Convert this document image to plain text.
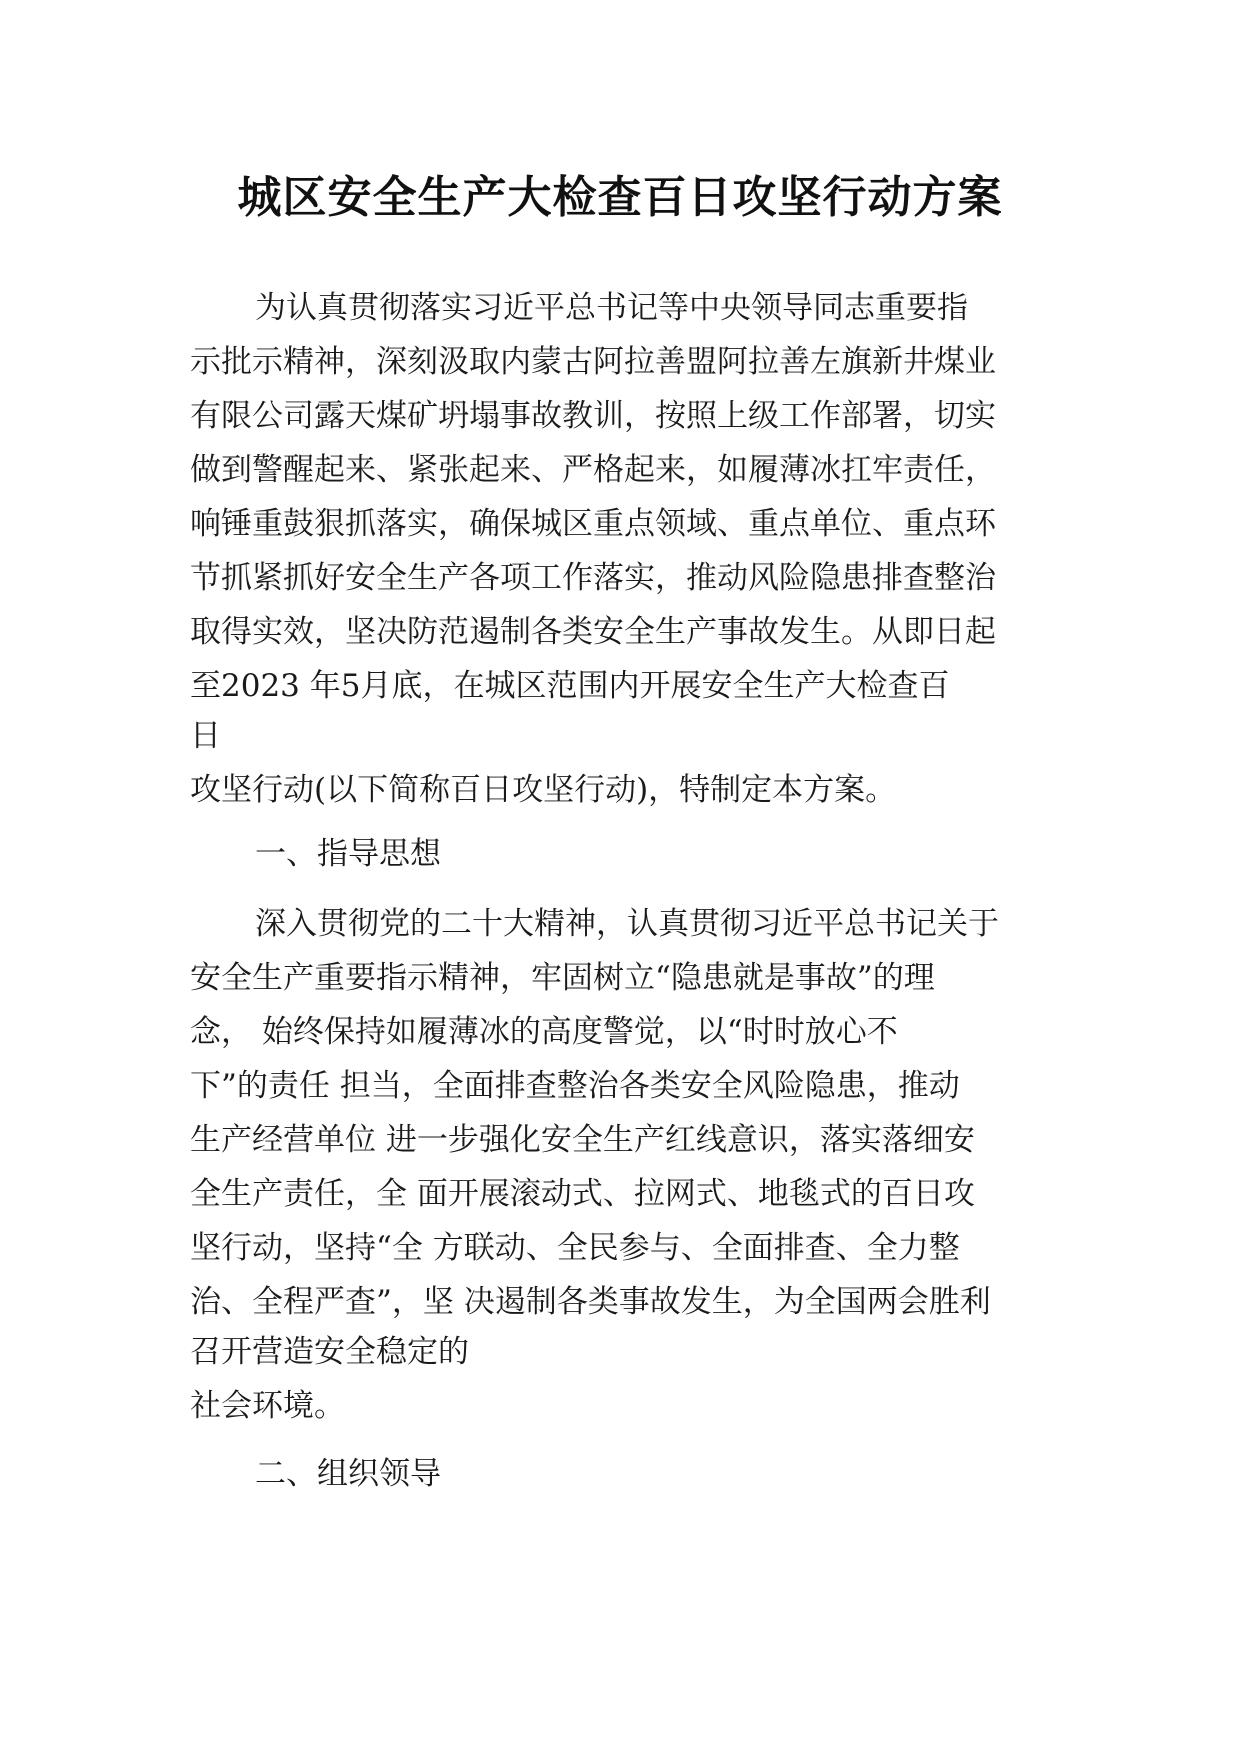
城区安全生产大检查百日攻坚行动方案

为认真贯彻落实习近平总书记等中央领导同志重要指

示批示精神，深刻汲取内蒙古阿拉善盟阿拉善左旗新井煤业

有限公司露天煤矿坍塌事故教训，按照上级工作部署，切实

做到警醒起来、紧张起来、严格起来，如履薄冰扛牢责任，

响锤重鼓狠抓落实，确保城区重点领域、重点单位、重点环

节抓紧抓好安全生产各项工作落实，推动风险隐患排查整治

取得实效，坚决防范遏制各类安全生产事故发生。从即日起

至2023 年5月底，在城区范围内开展安全生产大检查百

日

攻坚行动(以下简称百日攻坚行动)，特制定本方案。

一、指导思想

深入贯彻党的二十大精神，认真贯彻习近平总书记关于

安全生产重要指示精神，牢固树立“隐患就是事故”的理

念， 始终保持如履薄冰的高度警觉，以“时时放心不

下”的责任 担当，全面排查整治各类安全风险隐患，推动

生产经营单位 进一步强化安全生产红线意识，落实落细安

全生产责任，全 面开展滚动式、拉网式、地毯式的百日攻

坚行动，坚持“全 方联动、全民参与、全面排查、全力整

治、全程严查”，坚 决遏制各类事故发生，为全国两会胜利

召开营造安全稳定的

社会环境。

二、组织领导
